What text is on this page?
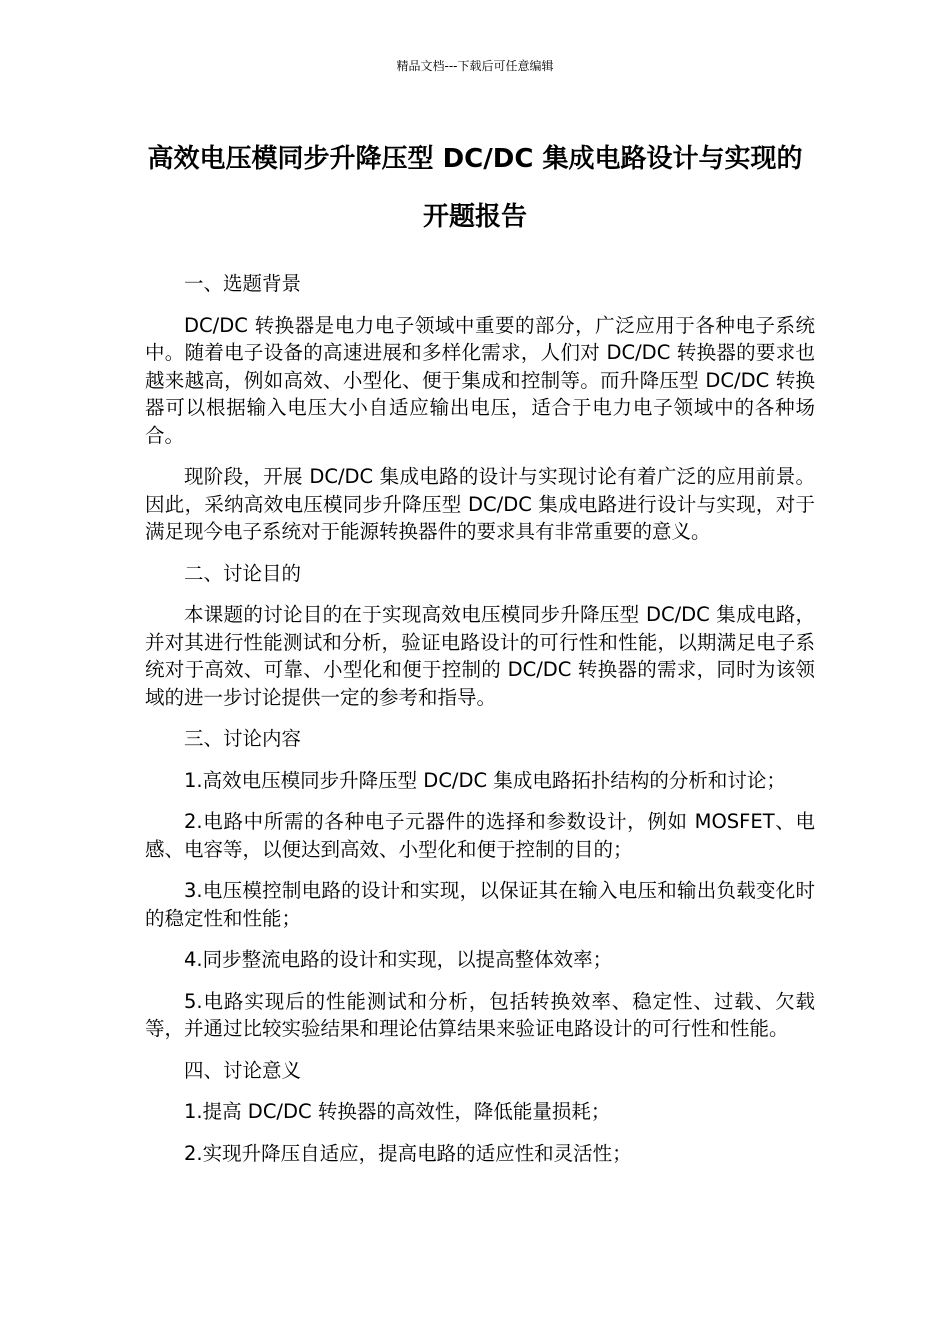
精品文档---下载后可任意编辑
高效电压模同步升降压型 DC/DC 集成电路设计与实现的开题报告

一、选题背景

DC/DC 转换器是电力电子领域中重要的部分，广泛应用于各种电子系统中。随着电子设备的高速进展和多样化需求，人们对 DC/DC 转换器的要求也越来越高，例如高效、小型化、便于集成和控制等。而升降压型 DC/DC 转换器可以根据输入电压大小自适应输出电压，适合于电力电子领域中的各种场合。

现阶段，开展 DC/DC 集成电路的设计与实现讨论有着广泛的应用前景。因此，采纳高效电压模同步升降压型 DC/DC 集成电路进行设计与实现，对于满足现今电子系统对于能源转换器件的要求具有非常重要的意义。

二、讨论目的

本课题的讨论目的在于实现高效电压模同步升降压型 DC/DC 集成电路，并对其进行性能测试和分析，验证电路设计的可行性和性能，以期满足电子系统对于高效、可靠、小型化和便于控制的 DC/DC 转换器的需求，同时为该领域的进一步讨论提供一定的参考和指导。

三、讨论内容

1.高效电压模同步升降压型 DC/DC 集成电路拓扑结构的分析和讨论；

2.电路中所需的各种电子元器件的选择和参数设计，例如 MOSFET、电感、电容等，以便达到高效、小型化和便于控制的目的；

3.电压模控制电路的设计和实现，以保证其在输入电压和输出负载变化时的稳定性和性能；

4.同步整流电路的设计和实现，以提高整体效率；

5.电路实现后的性能测试和分析，包括转换效率、稳定性、过载、欠载等，并通过比较实验结果和理论估算结果来验证电路设计的可行性和性能。

四、讨论意义

1.提高 DC/DC 转换器的高效性，降低能量损耗；

2.实现升降压自适应，提高电路的适应性和灵活性；
